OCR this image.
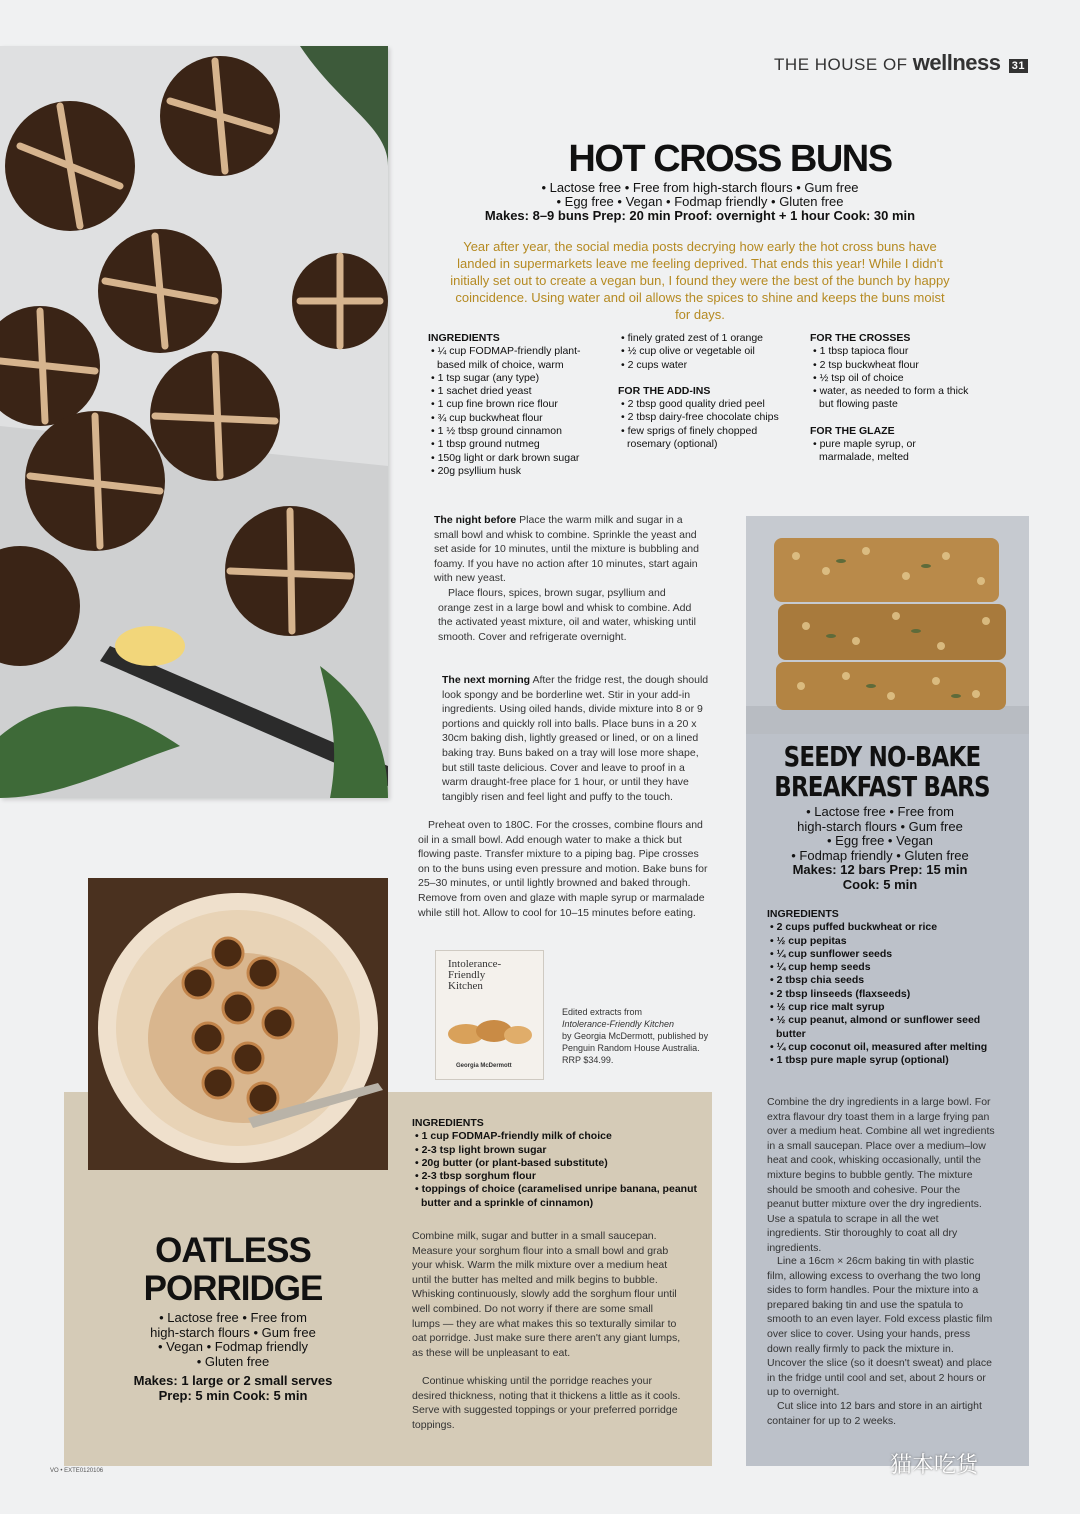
THE HOUSE OF wellness 31
HOT CROSS BUNS
• Lactose free • Free from high-starch flours • Gum free
• Egg free • Vegan • Fodmap friendly • Gluten free
Makes: 8–9 buns Prep: 20 min Proof: overnight + 1 hour Cook: 30 min
Year after year, the social media posts decrying how early the hot cross buns have landed in supermarkets leave me feeling deprived. That ends this year! While I didn't initially set out to create a vegan bun, I found they were the best of the bunch by happy coincidence. Using water and oil allows the spices to shine and keeps the buns moist for days.
INGREDIENTS
• ¼ cup FODMAP-friendly plant-based milk of choice, warm
• 1 tsp sugar (any type)
• 1 sachet dried yeast
• 1 cup fine brown rice flour
• ¾ cup buckwheat flour
• 1 ½ tbsp ground cinnamon
• 1 tbsp ground nutmeg
• 150g light or dark brown sugar
• 20g psyllium husk
• finely grated zest of 1 orange
• ½ cup olive or vegetable oil
• 2 cups water
FOR THE ADD-INS
• 2 tbsp good quality dried peel
• 2 tbsp dairy-free chocolate chips
• few sprigs of finely chopped rosemary (optional)
FOR THE CROSSES
• 1 tbsp tapioca flour
• 2 tsp buckwheat flour
• ½ tsp oil of choice
• water, as needed to form a thick but flowing paste
FOR THE GLAZE
• pure maple syrup, or marmalade, melted
The night before Place the warm milk and sugar in a small bowl and whisk to combine. Sprinkle the yeast and set aside for 10 minutes, until the mixture is bubbling and foamy. If you have no action after 10 minutes, start again with new yeast.
Place flours, spices, brown sugar, psyllium and orange zest in a large bowl and whisk to combine. Add the activated yeast mixture, oil and water, whisking until smooth. Cover and refrigerate overnight.
The next morning After the fridge rest, the dough should look spongy and be borderline wet. Stir in your add-in ingredients. Using oiled hands, divide mixture into 8 or 9 portions and quickly roll into balls. Place buns in a 20 x 30cm baking dish, lightly greased or lined, or on a lined baking tray. Buns baked on a tray will lose more shape, but still taste delicious. Cover and leave to proof in a warm draught-free place for 1 hour, or until they have tangibly risen and feel light and puffy to the touch.
Preheat oven to 180C. For the crosses, combine flours and oil in a small bowl. Add enough water to make a thick but flowing paste. Transfer mixture to a piping bag. Pipe crosses on to the buns using even pressure and motion. Bake buns for 25–30 minutes, or until lightly browned and baked through. Remove from oven and glaze with maple syrup or marmalade while still hot. Allow to cool for 10–15 minutes before eating.
Intolerance-Friendly Kitchen
Georgia McDermott
Edited extracts from
Intolerance-Friendly Kitchen
by Georgia McDermott, published by Penguin Random House Australia.
RRP $34.99.
OATLESS
PORRIDGE
• Lactose free • Free from
high-starch flours • Gum free
• Vegan • Fodmap friendly
• Gluten free
Makes: 1 large or 2 small serves
Prep: 5 min Cook: 5 min
INGREDIENTS
• 1 cup FODMAP-friendly milk of choice
• 2-3 tsp light brown sugar
• 20g butter (or plant-based substitute)
• 2-3 tbsp sorghum flour
• toppings of choice (caramelised unripe banana, peanut butter and a sprinkle of cinnamon)
Combine milk, sugar and butter in a small saucepan. Measure your sorghum flour into a small bowl and grab your whisk. Warm the milk mixture over a medium heat until the butter has melted and milk begins to bubble. Whisking continuously, slowly add the sorghum flour until well combined. Do not worry if there are some small lumps — they are what makes this so texturally similar to oat porridge. Just make sure there aren't any giant lumps, as these will be unpleasant to eat.
Continue whisking until the porridge reaches your desired thickness, noting that it thickens a little as it cools. Serve with suggested toppings or your preferred porridge toppings.
SEEDY NO-BAKE
BREAKFAST BARS
• Lactose free • Free from
high-starch flours • Gum free
• Egg free • Vegan
• Fodmap friendly • Gluten free
Makes: 12 bars Prep: 15 min
Cook: 5 min
INGREDIENTS
• 2 cups puffed buckwheat or rice
• ½ cup pepitas
• ¼ cup sunflower seeds
• ¼ cup hemp seeds
• 2 tbsp chia seeds
• 2 tbsp linseeds (flaxseeds)
• ½ cup rice malt syrup
• ½ cup peanut, almond or sunflower seed butter
• ¼ cup coconut oil, measured after melting
• 1 tbsp pure maple syrup (optional)
Combine the dry ingredients in a large bowl. For extra flavour dry toast them in a large frying pan over a medium heat. Combine all wet ingredients in a small saucepan. Place over a medium–low heat and cook, whisking occasionally, until the mixture begins to bubble gently. The mixture should be smooth and cohesive. Pour the peanut butter mixture over the dry ingredients. Use a spatula to scrape in all the wet ingredients. Stir thoroughly to coat all dry ingredients.
Line a 16cm × 26cm baking tin with plastic film, allowing excess to overhang the two long sides to form handles. Pour the mixture into a prepared baking tin and use the spatula to smooth to an even layer. Fold excess plastic film over slice to cover. Using your hands, press down really firmly to pack the mixture in. Uncover the slice (so it doesn't sweat) and place in the fridge until cool and set, about 2 hours or up to overnight.
Cut slice into 12 bars and store in an airtight container for up to 2 weeks.
VO • EXTE0120106	猫本吃货
